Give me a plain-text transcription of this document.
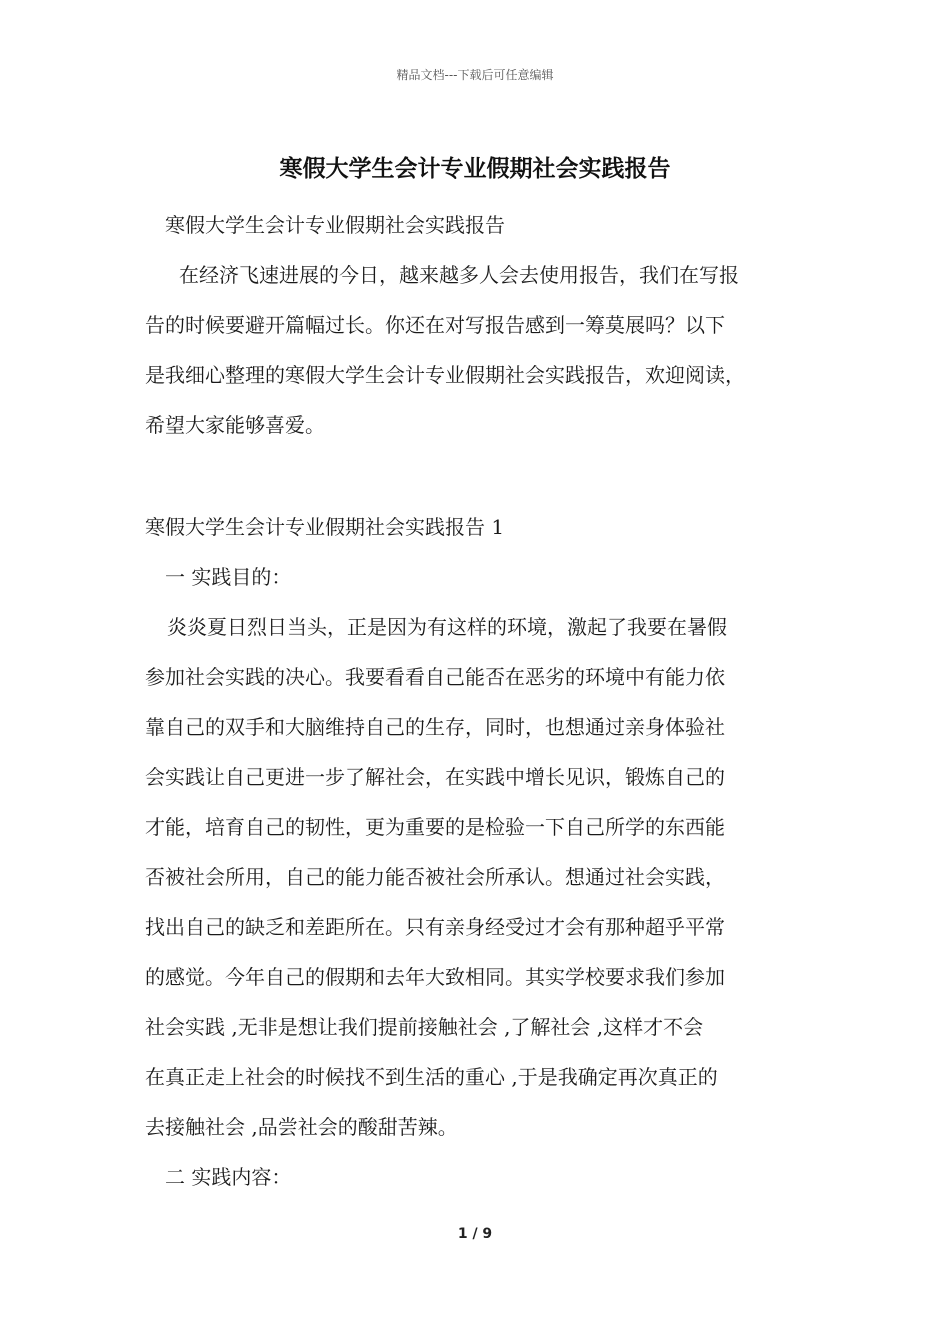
精品文档---下载后可任意编辑
寒假大学生会计专业假期社会实践报告
寒假大学生会计专业假期社会实践报告
在经济飞速进展的今日，越来越多人会去使用报告，我们在写报
告的时候要避开篇幅过长。你还在对写报告感到一筹莫展吗？以下
是我细心整理的寒假大学生会计专业假期社会实践报告，欢迎阅读，
希望大家能够喜爱。
寒假大学生会计专业假期社会实践报告 1
一 实践目的：
炎炎夏日烈日当头，正是因为有这样的环境，激起了我要在暑假
参加社会实践的决心。我要看看自己能否在恶劣的环境中有能力依
靠自己的双手和大脑维持自己的生存，同时，也想通过亲身体验社
会实践让自己更进一步了解社会，在实践中增长见识，锻炼自己的
才能，培育自己的韧性，更为重要的是检验一下自己所学的东西能
否被社会所用，自己的能力能否被社会所承认。想通过社会实践，
找出自己的缺乏和差距所在。只有亲身经受过才会有那种超乎平常
的感觉。今年自己的假期和去年大致相同。其实学校要求我们参加
社会实践 ,无非是想让我们提前接触社会 ,了解社会 ,这样才不会
在真正走上社会的时候找不到生活的重心 ,于是我确定再次真正的
去接触社会 ,品尝社会的酸甜苦辣。
二 实践内容：
1 / 9
